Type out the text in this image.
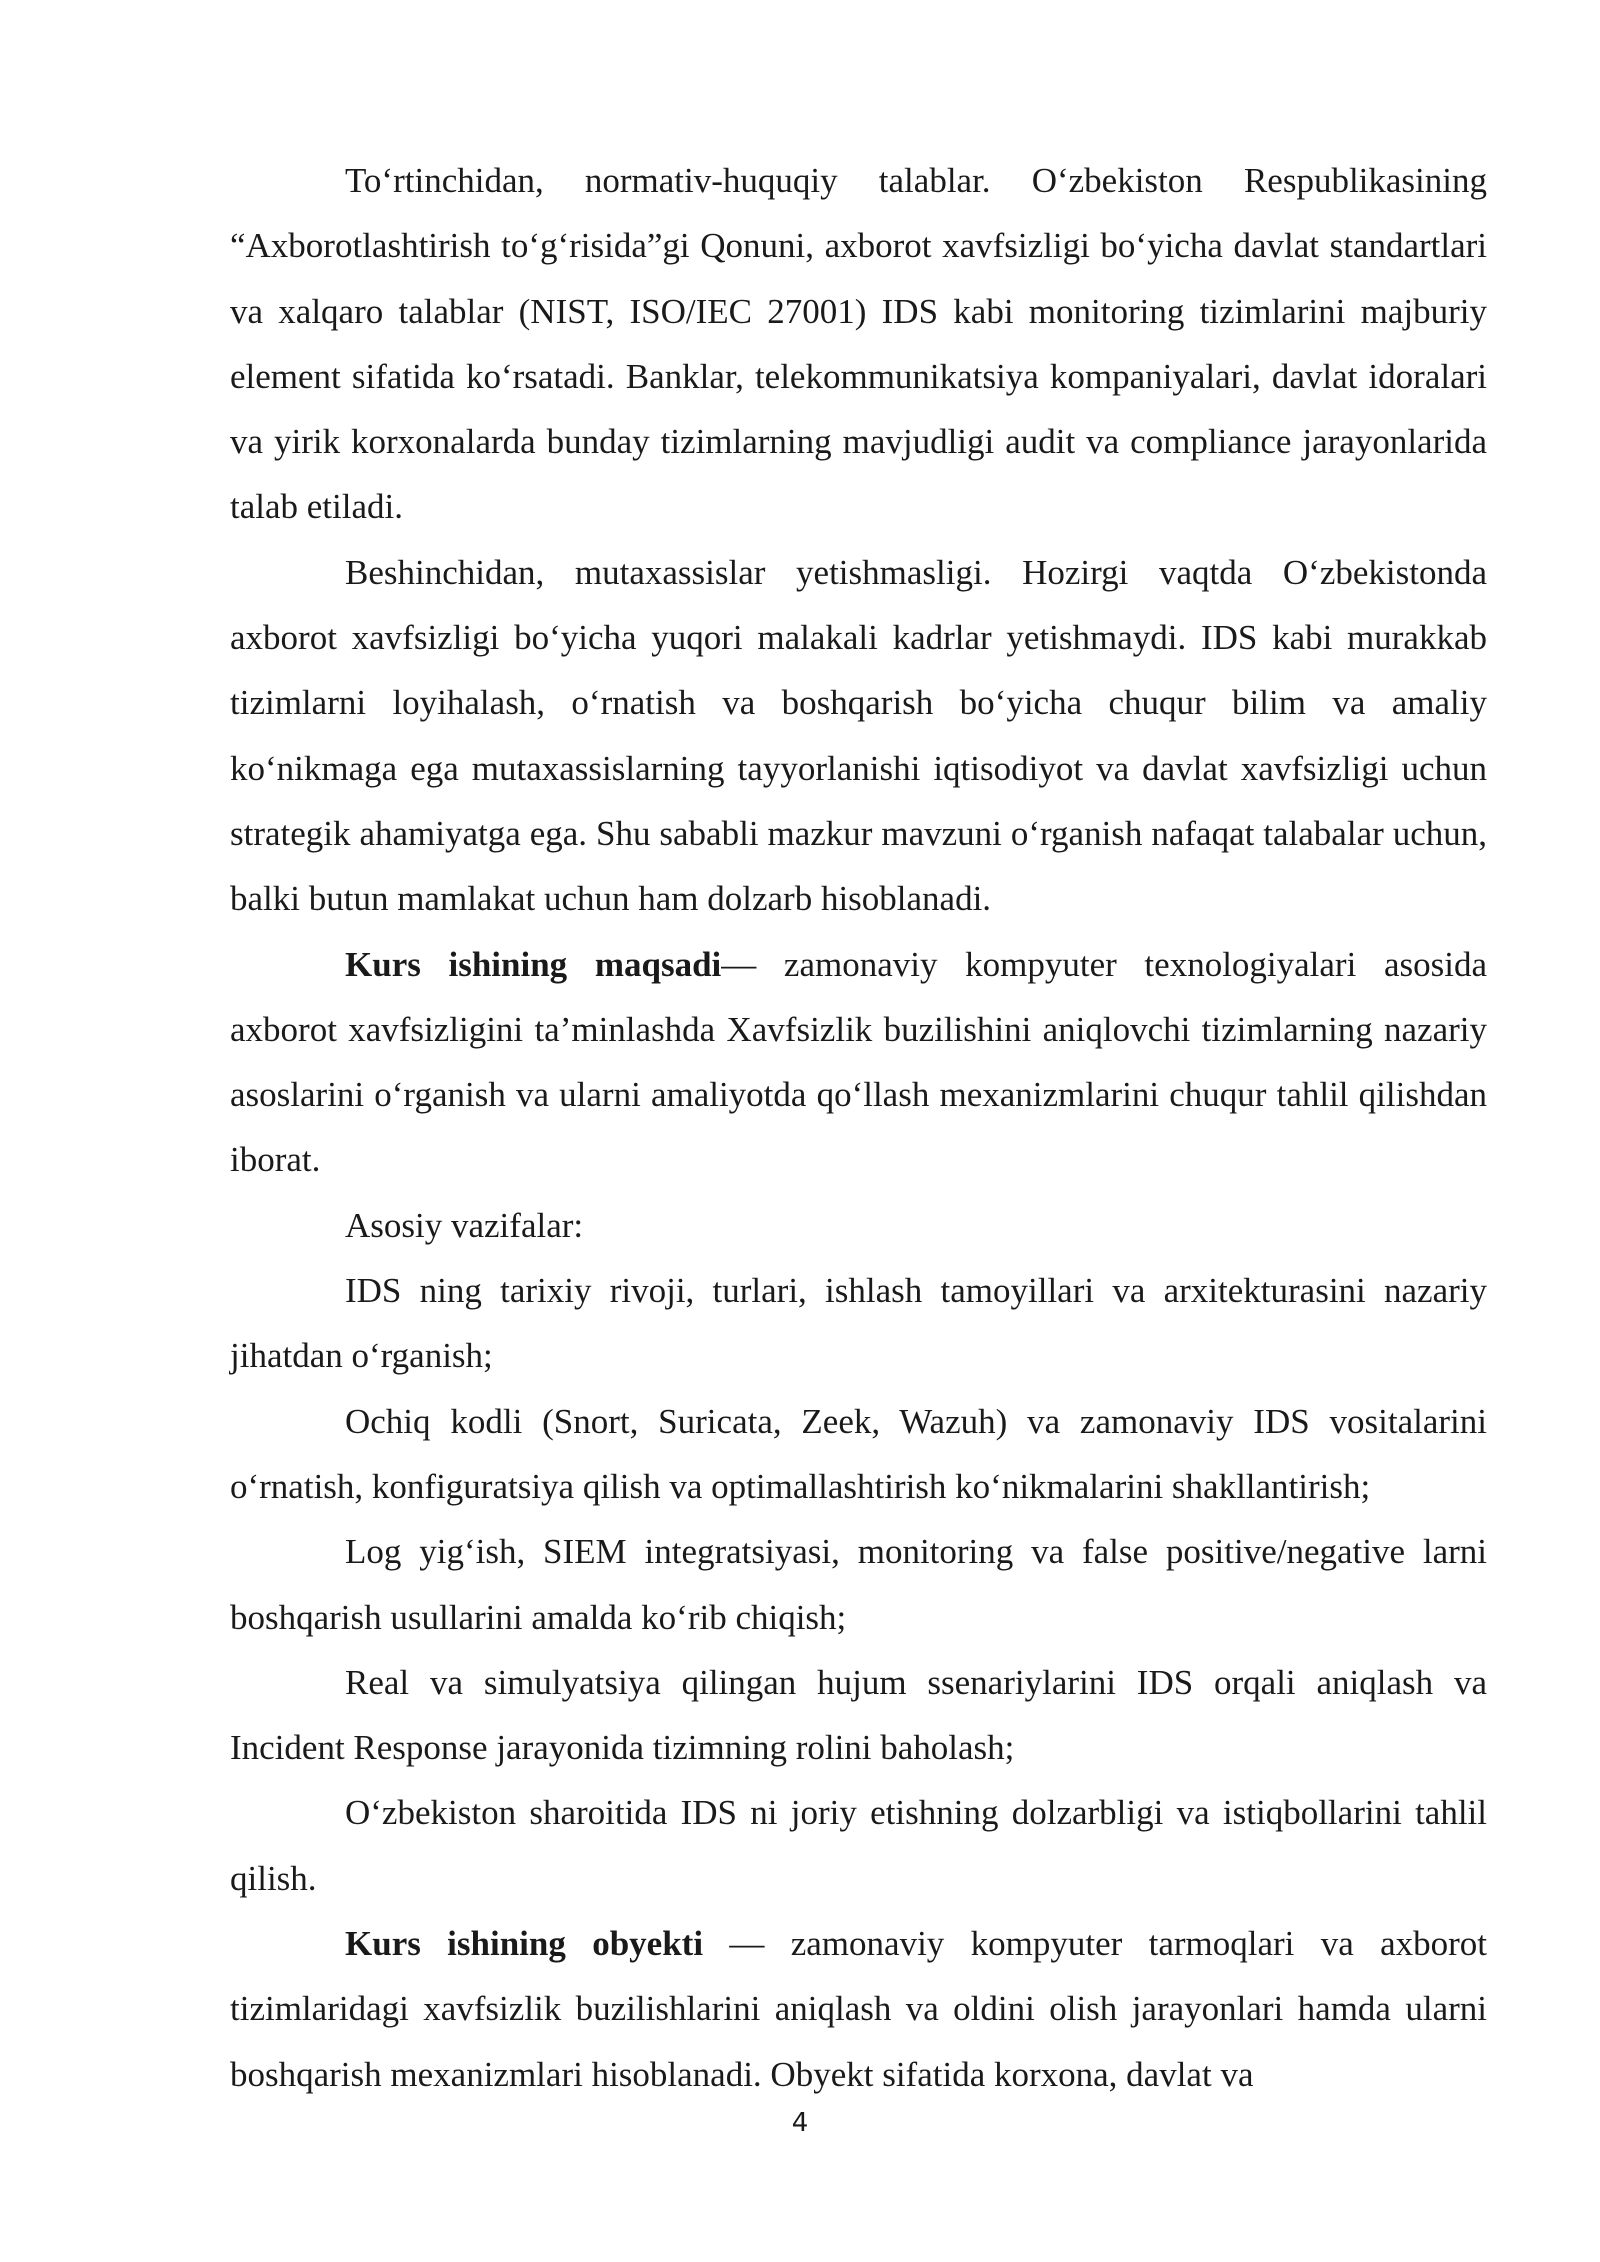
To‘rtinchidan, normativ-huquqiy talablar. O‘zbekiston Respublikasining “Axborotlashtirish to‘g‘risida”gi Qonuni, axborot xavfsizligi bo‘yicha davlat standartlari va xalqaro talablar (NIST, ISO/IEC 27001) IDS kabi monitoring tizimlarini majburiy element sifatida ko‘rsatadi. Banklar, telekommunikatsiya kompaniyalari, davlat idoralari va yirik korxonalarda bunday tizimlarning mavjudligi audit va compliance jarayonlarida talab etiladi.

Beshinchidan, mutaxassislar yetishmasligi. Hozirgi vaqtda O‘zbekistonda axborot xavfsizligi bo‘yicha yuqori malakali kadrlar yetishmaydi. IDS kabi murakkab tizimlarni loyihalash, o‘rnatish va boshqarish bo‘yicha chuqur bilim va amaliy ko‘nikmaga ega mutaxassislarning tayyorlanishi iqtisodiyot va davlat xavfsizligi uchun strategik ahamiyatga ega. Shu sababli mazkur mavzuni o‘rganish nafaqat talabalar uchun, balki butun mamlakat uchun ham dolzarb hisoblanadi.

Kurs ishining maqsadi— zamonaviy kompyuter texnologiyalari asosida axborot xavfsizligini ta’minlashda Xavfsizlik buzilishini aniqlovchi tizimlarning nazariy asoslarini o‘rganish va ularni amaliyotda qo‘llash mexanizmlarini chuqur tahlil qilishdan iborat.

Asosiy vazifalar:

IDS ning tarixiy rivoji, turlari, ishlash tamoyillari va arxitekturasini nazariy jihatdan o‘rganish;

Ochiq kodli (Snort, Suricata, Zeek, Wazuh) va zamonaviy IDS vositalarini o‘rnatish, konfiguratsiya qilish va optimallashtirish ko‘nikmalarini shakllantirish;

Log yig‘ish, SIEM integratsiyasi, monitoring va false positive/negative larni boshqarish usullarini amalda ko‘rib chiqish;

Real va simulyatsiya qilingan hujum ssenariylarini IDS orqali aniqlash va Incident Response jarayonida tizimning rolini baholash;

O‘zbekiston sharoitida IDS ni joriy etishning dolzarbligi va istiqbollarini tahlil qilish.

Kurs ishining obyekti — zamonaviy kompyuter tarmoqlari va axborot tizimlaridagi xavfsizlik buzilishlarini aniqlash va oldini olish jarayonlari hamda ularni boshqarish mexanizmlari hisoblanadi. Obyekt sifatida korxona, davlat va

4
